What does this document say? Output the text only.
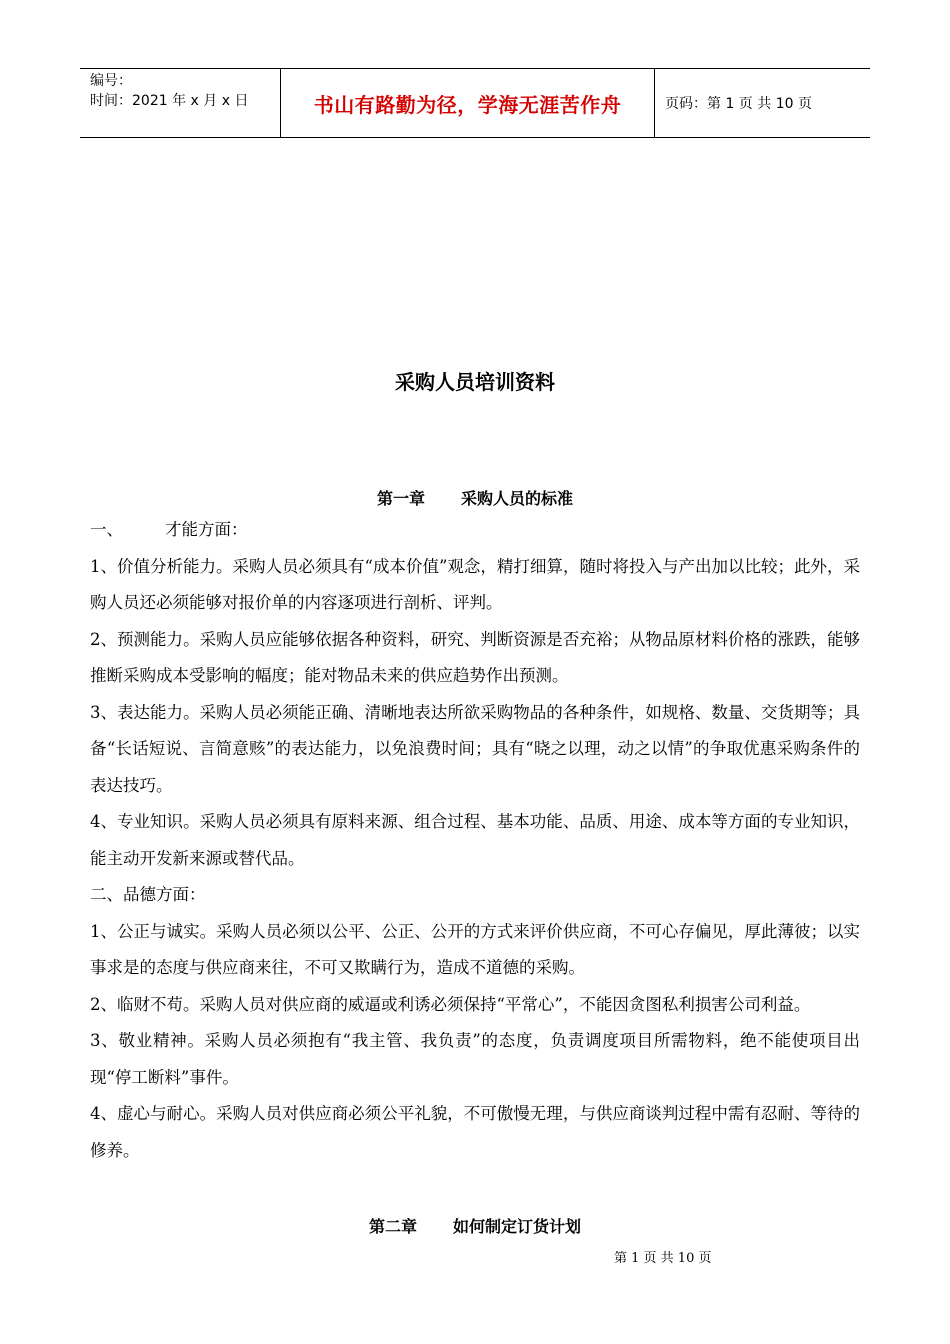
编号：
时间：2021 年 x 月 x 日	书山有路勤为径，学海无涯苦作舟	页码：第 1 页 共 10 页
采购人员培训资料
第一章 采购人员的标准

一、	才能方面：

1、价值分析能力。采购人员必须具有“成本价值”观念，精打细算，随时将投入与产出加以比较；此外，采购人员还必须能够对报价单的内容逐项进行剖析、评判。

2、预测能力。采购人员应能够依据各种资料，研究、判断资源是否充裕；从物品原材料价格的涨跌，能够推断采购成本受影响的幅度；能对物品未来的供应趋势作出预测。

3、表达能力。采购人员必须能正确、清晰地表达所欲采购物品的各种条件，如规格、数量、交货期等；具备“长话短说、言简意赅”的表达能力，以免浪费时间；具有“晓之以理，动之以情”的争取优惠采购条件的表达技巧。

4、专业知识。采购人员必须具有原料来源、组合过程、基本功能、品质、用途、成本等方面的专业知识，能主动开发新来源或替代品。

二、品德方面：

1、公正与诚实。采购人员必须以公平、公正、公开的方式来评价供应商，不可心存偏见，厚此薄彼；以实事求是的态度与供应商来往，不可又欺瞒行为，造成不道德的采购。

2、临财不苟。采购人员对供应商的威逼或利诱必须保持“平常心”，不能因贪图私利损害公司利益。

3、敬业精神。采购人员必须抱有“我主管、我负责”的态度，负责调度项目所需物料，绝不能使项目出现“停工断料”事件。

4、虚心与耐心。采购人员对供应商必须公平礼貌，不可傲慢无理，与供应商谈判过程中需有忍耐、等待的修养。

第二章 如何制定订货计划
第 1 页 共 10 页
